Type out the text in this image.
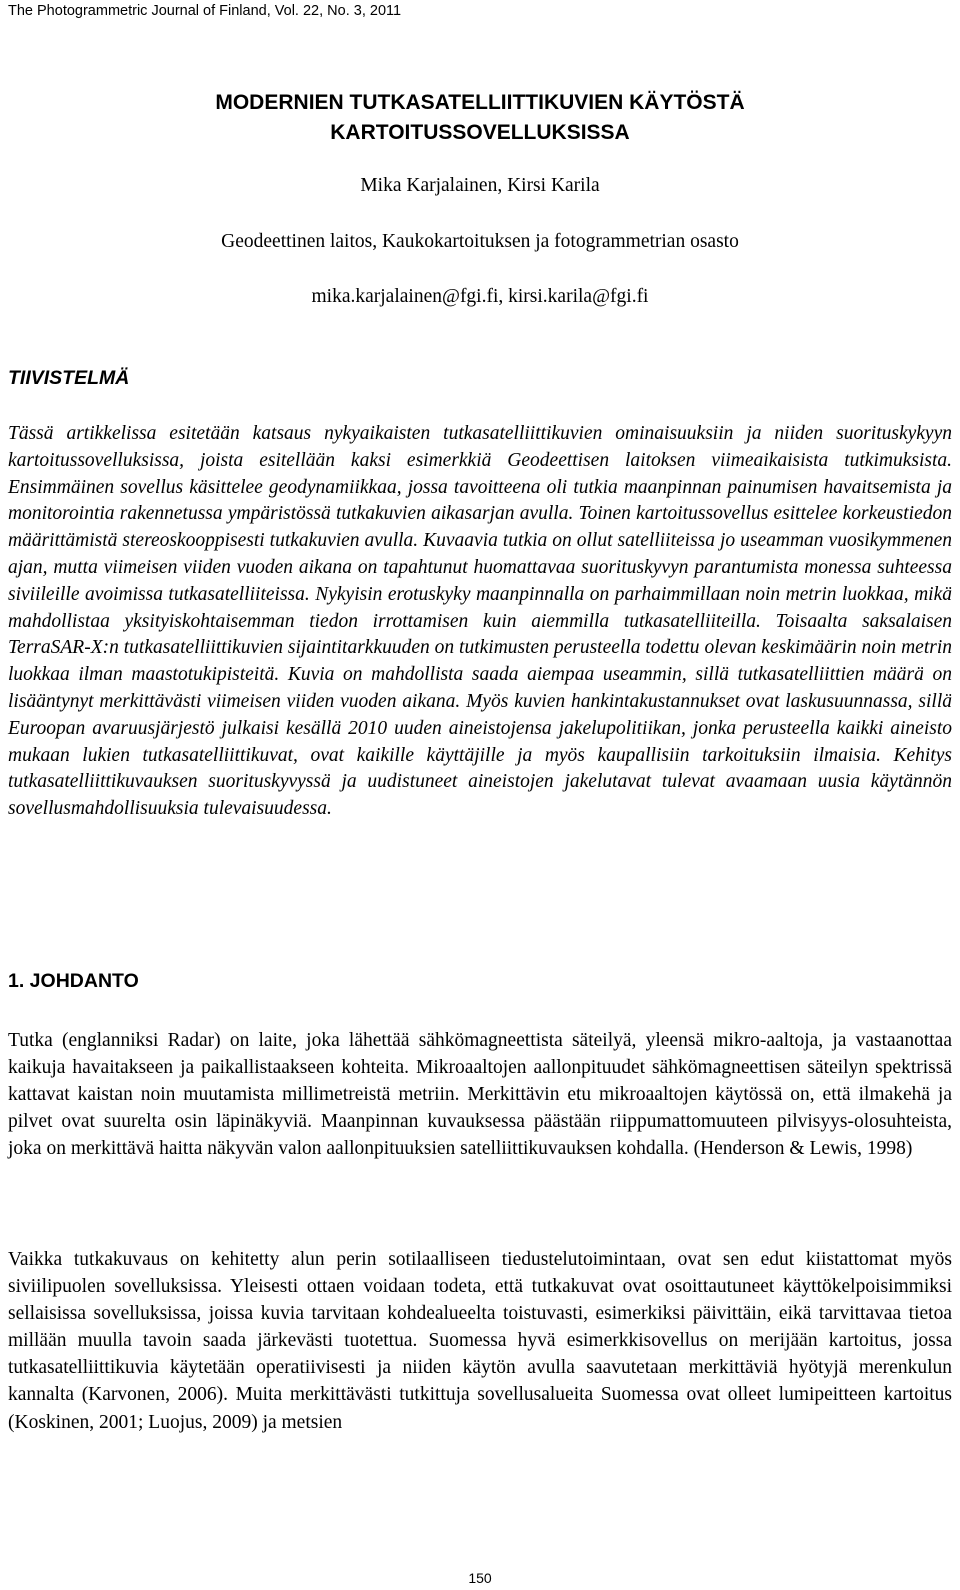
The Photogrammetric Journal of Finland, Vol. 22, No. 3, 2011
MODERNIEN TUTKASATELLIITTIKUVIEN KÄYTÖSTÄ
KARTOITUSSOVELLUKSISSA
Mika Karjalainen, Kirsi Karila
Geodeettinen laitos, Kaukokartoituksen ja fotogrammetrian osasto
mika.karjalainen@fgi.fi, kirsi.karila@fgi.fi
TIIVISTELMÄ

Tässä artikkelissa esitetään katsaus nykyaikaisten tutkasatelliittikuvien ominaisuuksiin ja niiden suorituskykyyn kartoitussovelluksissa, joista esitellään kaksi esimerkkiä Geodeettisen laitoksen viimeaikaisista tutkimuksista. Ensimmäinen sovellus käsittelee geodynamiikkaa, jossa tavoitteena oli tutkia maanpinnan painumisen havaitsemista ja monitorointia rakennetussa ympäristössä tutkakuvien aikasarjan avulla. Toinen kartoitussovellus esittelee korkeustiedon määrittämistä stereoskooppisesti tutkakuvien avulla. Kuvaavia tutkia on ollut satelliiteissa jo useamman vuosikymmenen ajan, mutta viimeisen viiden vuoden aikana on tapahtunut huomattavaa suorituskyvyn parantumista monessa suhteessa siviileille avoimissa tutkasatelliiteissa. Nykyisin erotuskyky maanpinnalla on parhaimmillaan noin metrin luokkaa, mikä mahdollistaa yksityiskohtaisemman tiedon irrottamisen kuin aiemmilla tutkasatelliiteilla. Toisaalta saksalaisen TerraSAR-X:n tutkasatelliittikuvien sijaintitarkkuuden on tutkimusten perusteella todettu olevan keskimäärin noin metrin luokkaa ilman maastotukipisteitä. Kuvia on mahdollista saada aiempaa useammin, sillä tutkasatelliittien määrä on lisääntynyt merkittävästi viimeisen viiden vuoden aikana. Myös kuvien hankintakustannukset ovat laskusuunnassa, sillä Euroopan avaruusjärjestö julkaisi kesällä 2010 uuden aineistojensa jakelupolitiikan, jonka perusteella kaikki aineisto mukaan lukien tutkasatelliittikuvat, ovat kaikille käyttäjille ja myös kaupallisiin tarkoituksiin ilmaisia. Kehitys tutkasatelliittikuvauksen suorituskyvyssä ja uudistuneet aineistojen jakelutavat tulevat avaamaan uusia käytännön sovellusmahdollisuuksia tulevaisuudessa.

1. JOHDANTO

Tutka (englanniksi Radar) on laite, joka lähettää sähkömagneettista säteilyä, yleensä mikro-aaltoja, ja vastaanottaa kaikuja havaitakseen ja paikallistaakseen kohteita. Mikroaaltojen aallonpituudet sähkömagneettisen säteilyn spektrissä kattavat kaistan noin muutamista millimetreistä metriin. Merkittävin etu mikroaaltojen käytössä on, että ilmakehä ja pilvet ovat suurelta osin läpinäkyviä. Maanpinnan kuvauksessa päästään riippumattomuuteen pilvisyys-olosuhteista, joka on merkittävä haitta näkyvän valon aallonpituuksien satelliittikuvauksen kohdalla. (Henderson & Lewis, 1998)

Vaikka tutkakuvaus on kehitetty alun perin sotilaalliseen tiedustelutoimintaan, ovat sen edut kiistattomat myös siviilipuolen sovelluksissa. Yleisesti ottaen voidaan todeta, että tutkakuvat ovat osoittautuneet käyttökelpoisimmiksi sellaisissa sovelluksissa, joissa kuvia tarvitaan kohdealueelta toistuvasti, esimerkiksi päivittäin, eikä tarvittavaa tietoa millään muulla tavoin saada järkevästi tuotettua. Suomessa hyvä esimerkkisovellus on merijään kartoitus, jossa tutkasatelliittikuvia käytetään operatiivisesti ja niiden käytön avulla saavutetaan merkittäviä hyötyjä merenkulun kannalta (Karvonen, 2006). Muita merkittävästi tutkittuja sovellusalueita Suomessa ovat olleet lumipeitteen kartoitus (Koskinen, 2001; Luojus, 2009) ja metsien

150
